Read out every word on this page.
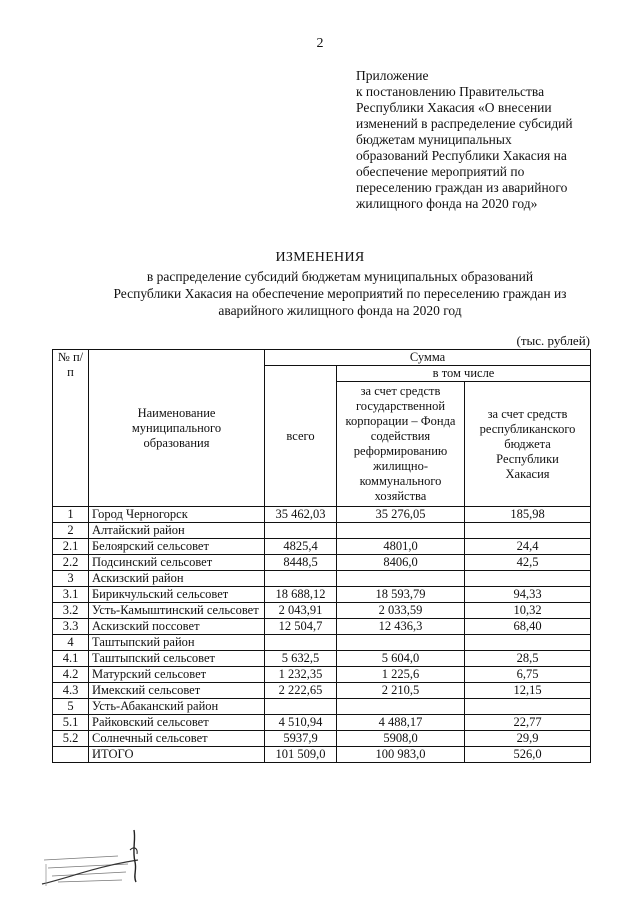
2
Приложение
к постановлению Правительства
Республики Хакасия «О внесении
изменений в распределение субсидий
бюджетам муниципальных
образований Республики Хакасия на
обеспечение мероприятий по
переселению граждан из аварийного
жилищного фонда на 2020 год»
ИЗМЕНЕНИЯ
в распределение субсидий бюджетам муниципальных образований
Республики Хакасия на обеспечение мероприятий по переселению граждан из
аварийного жилищного фонда на 2020 год
(тыс. рублей)
№ п/п	Наименование муниципального образования	Сумма		
		всего	в том числе	
			за счет средств государственной корпорации – Фонда содействия реформированию жилищно-коммунального хозяйства	за счет средств республиканского бюджета Республики Хакасия
1	Город Черногорск	35 462,03	35 276,05	185,98
2	Алтайский район			
2.1	Белоярский сельсовет	4825,4	4801,0	24,4
2.2	Подсинский сельсовет	8448,5	8406,0	42,5
3	Аскизский район			
3.1	Бирикчульский сельсовет	18 688,12	18 593,79	94,33
3.2	Усть-Камыштинский сельсовет	2 043,91	2 033,59	10,32
3.3	Аскизский поссовет	12 504,7	12 436,3	68,40
4	Таштыпский район			
4.1	Таштыпский сельсовет	5 632,5	5 604,0	28,5
4.2	Матурский сельсовет	1 232,35	1 225,6	6,75
4.3	Имекский сельсовет	2 222,65	2 210,5	12,15
5	Усть-Абаканский район			
5.1	Райковский сельсовет	4 510,94	4 488,17	22,77
5.2	Солнечный сельсовет	5937,9	5908,0	29,9
	ИТОГО	101 509,0	100 983,0	526,0
